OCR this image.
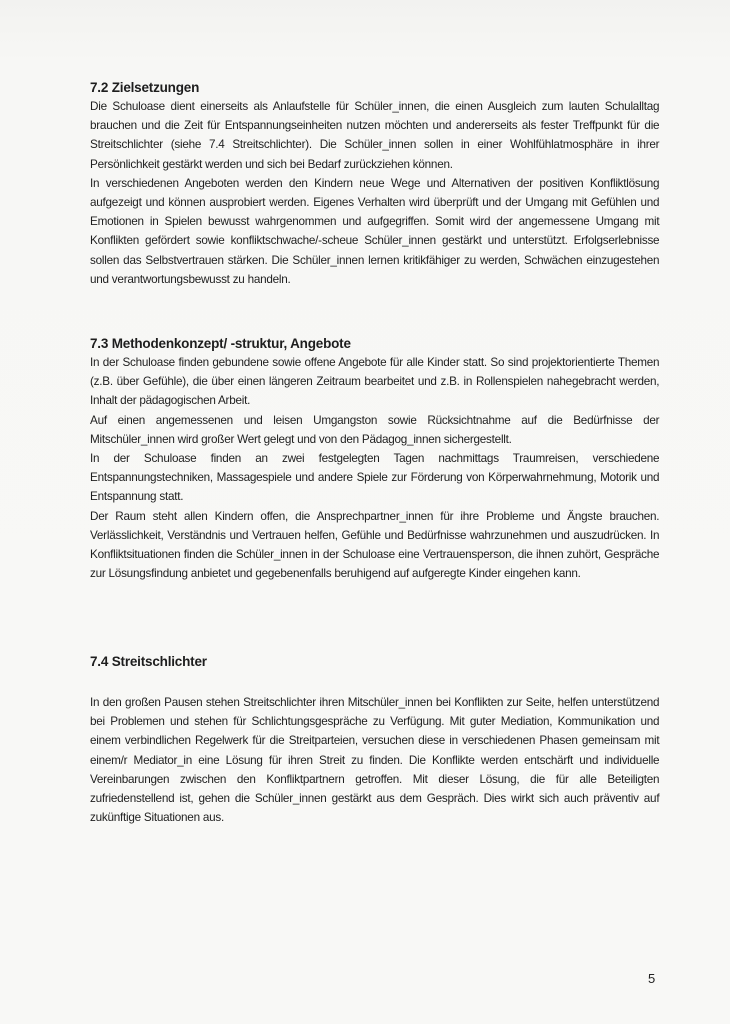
7.2 Zielsetzungen

Die Schuloase dient einerseits als Anlaufstelle für Schüler_innen, die einen Ausgleich zum lauten Schulalltag brauchen und die Zeit für Entspannungseinheiten nutzen möchten und andererseits als fester Treffpunkt für die Streitschlichter (siehe 7.4 Streitschlichter). Die Schüler_innen sollen in einer Wohlfühlatmosphäre in ihrer Persönlichkeit gestärkt werden und sich bei Bedarf zurückziehen können.

In verschiedenen Angeboten werden den Kindern neue Wege und Alternativen der positiven Konfliktlösung aufgezeigt und können ausprobiert werden. Eigenes Verhalten wird überprüft und der Umgang mit Gefühlen und Emotionen in Spielen bewusst wahrgenommen und aufgegriffen. Somit wird der angemessene Umgang mit Konflikten gefördert sowie konfliktschwache/-scheue Schüler_innen gestärkt und unterstützt. Erfolgserlebnisse sollen das Selbstvertrauen stärken. Die Schüler_innen lernen kritikfähiger zu werden, Schwächen einzugestehen und verantwortungsbewusst zu handeln.

7.3 Methodenkonzept/ -struktur, Angebote

In der Schuloase finden gebundene sowie offene Angebote für alle Kinder statt. So sind projektorientierte Themen (z.B. über Gefühle), die über einen längeren Zeitraum bearbeitet und z.B. in Rollenspielen nahegebracht werden, Inhalt der pädagogischen Arbeit.

Auf einen angemessenen und leisen Umgangston sowie Rücksichtnahme auf die Bedürfnisse der Mitschüler_innen wird großer Wert gelegt und von den Pädagog_innen sichergestellt.

In der Schuloase finden an zwei festgelegten Tagen nachmittags Traumreisen, verschiedene Entspannungstechniken, Massagespiele und andere Spiele zur Förderung von Körperwahrnehmung, Motorik und Entspannung statt.

Der Raum steht allen Kindern offen, die Ansprechpartner_innen für ihre Probleme und Ängste brauchen. Verlässlichkeit, Verständnis und Vertrauen helfen, Gefühle und Bedürfnisse wahrzunehmen und auszudrücken. In Konfliktsituationen finden die Schüler_innen in der Schuloase eine Vertrauensperson, die ihnen zuhört, Gespräche zur Lösungsfindung anbietet und gegebenenfalls beruhigend auf aufgeregte Kinder eingehen kann.

7.4 Streitschlichter

In den großen Pausen stehen Streitschlichter ihren Mitschüler_innen bei Konflikten zur Seite, helfen unterstützend bei Problemen und stehen für Schlichtungsgespräche zu Verfügung. Mit guter Mediation, Kommunikation und einem verbindlichen Regelwerk für die Streitparteien, versuchen diese in verschiedenen Phasen gemeinsam mit einem/r Mediator_in eine Lösung für ihren Streit zu finden. Die Konflikte werden entschärft und individuelle Vereinbarungen zwischen den Konfliktpartnern getroffen. Mit dieser Lösung, die für alle Beteiligten zufriedenstellend ist, gehen die Schüler_innen gestärkt aus dem Gespräch. Dies wirkt sich auch präventiv auf zukünftige Situationen aus.

5
